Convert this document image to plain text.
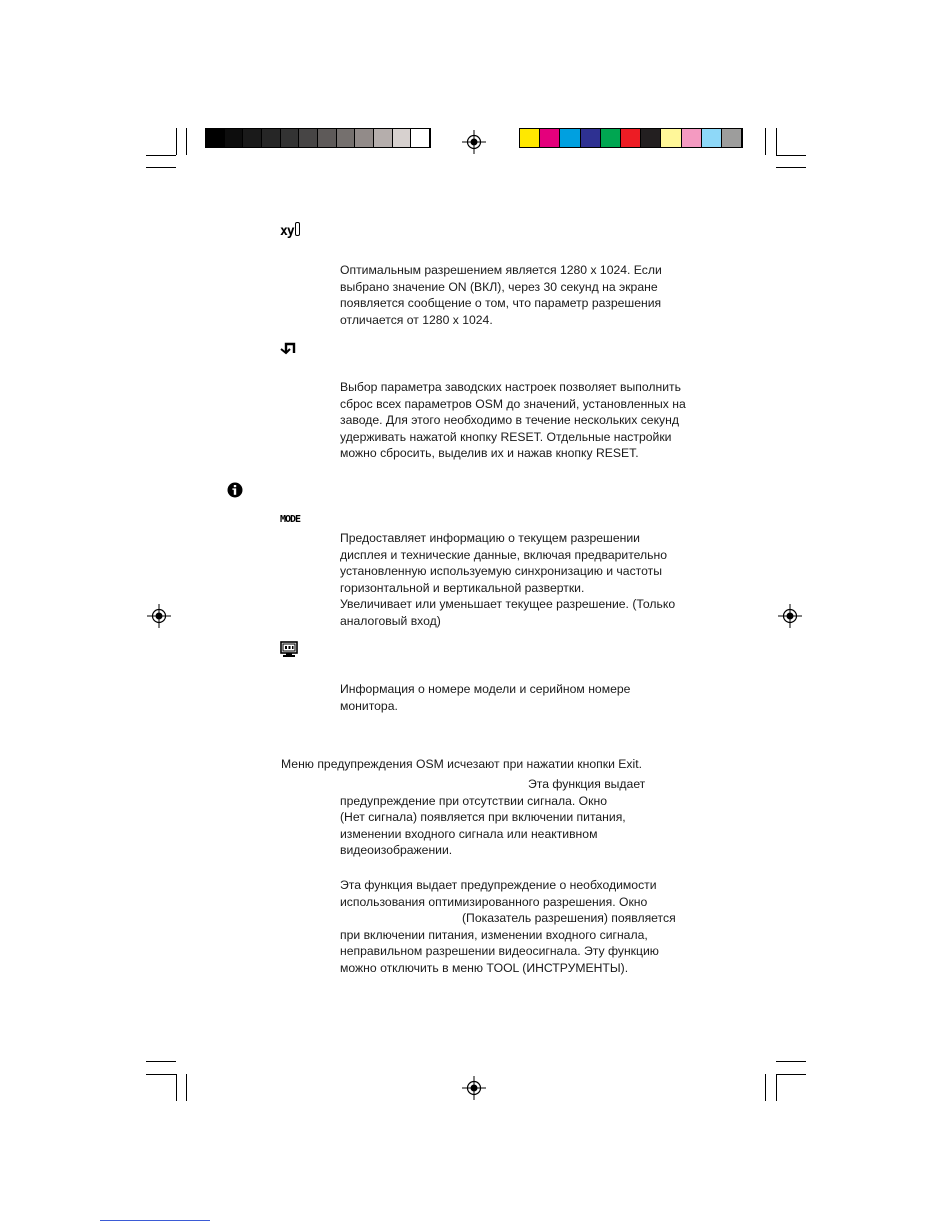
xy
Оптимальным разрешением является 1280 x 1024. Если
выбрано значение ON (ВКЛ), через 30 секунд на экране
появляется сообщение о том, что параметр разрешения
отличается от 1280 x 1024.
Выбор параметра заводских настроек позволяет выполнить
сброс всех параметров OSM до значений, установленных на
заводе. Для этого необходимо в течение нескольких секунд
удерживать нажатой кнопку RESET. Отдельные настройки
можно сбросить, выделив их и нажав кнопку RESET.
MODE
Предоставляет информацию о текущем разрешении
дисплея и технические данные, включая предварительно
установленную используемую синхронизацию и частоты
горизонтальной и вертикальной развертки.
Увеличивает или уменьшает текущее разрешение. (Только
аналоговый вход)
Информация о номере модели и серийном номере
монитора.
Меню предупреждения OSM исчезают при нажатии кнопки Exit.
Эта функция выдает
предупреждение при отсутствии сигнала. Окно
(Нет сигнала) появляется при включении питания,
изменении входного сигнала или неактивном
видеоизображении.
Эта функция выдает предупреждение о необходимости
использования оптимизированного разрешения. Окно
(Показатель разрешения) появляется
при включении питания, изменении входного сигнала,
неправильном разрешении видеосигнала. Эту функцию
можно отключить в меню TOOL (ИНСТРУМЕНТЫ).
